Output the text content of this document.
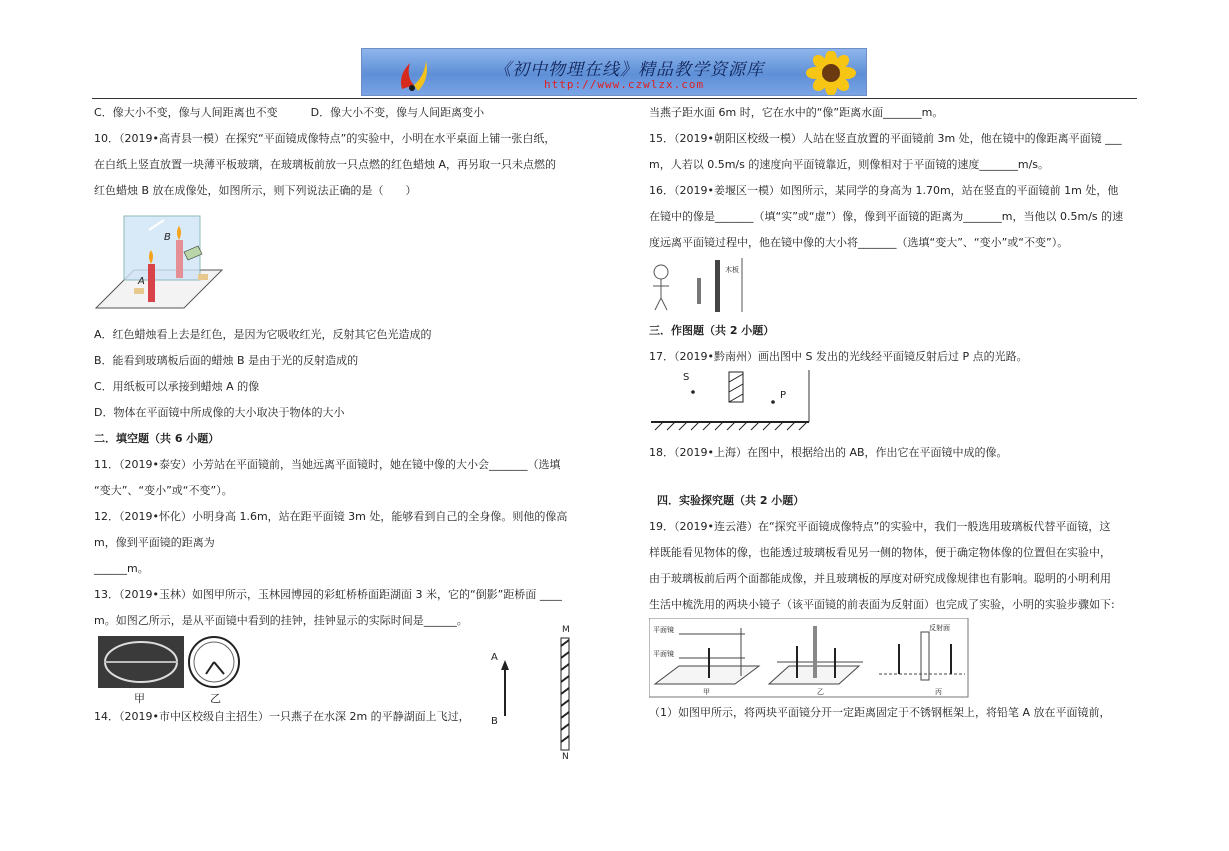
《初中物理在线》精品教学资源库
http://www.czwlzx.com
C．像大小不变，像与人间距离也不变　　　D．像大小不变，像与人间距离变小
10．（2019•高青县一模）在探究“平面镜成像特点”的实验中，小明在水平桌面上铺一张白纸，
在白纸上竖直放置一块薄平板玻璃，在玻璃板前放一只点燃的红色蜡烛 A，再另取一只未点燃的
红色蜡烛 B 放在成像处，如图所示，则下列说法正确的是（　　）
A
B
A．红色蜡烛看上去是红色，是因为它吸收红光，反射其它色光造成的
B．能看到玻璃板后面的蜡烛 B 是由于光的反射造成的
C．用纸板可以承接到蜡烛 A 的像
D．物体在平面镜中所成像的大小取决于物体的大小
二．填空题（共 6 小题）
11．（2019•泰安）小芳站在平面镜前，当她远离平面镜时，她在镜中像的大小会_______（选填
“变大”、“变小”或“不变”）。
12．（2019•怀化）小明身高 1.6m，站在距平面镜 3m 处，能够看到自己的全身像。则他的像高
m，像到平面镜的距离为
______m。
13．（2019•玉林）如图甲所示，玉林园博园的彩虹桥桥面距湖面 3 米，它的“倒影”距桥面 ____
m。如图乙所示，是从平面镜中看到的挂钟，挂钟显示的实际时间是______。
甲	乙
14．（2019•市中区校级自主招生）一只燕子在水深 2m 的平静湖面上飞过，
A
B
M
N
当燕子距水面 6m 时，它在水中的“像”距离水面_______m。
15．（2019•朝阳区校级一模）人站在竖直放置的平面镜前 3m 处，他在镜中的像距离平面镜 ___
m，人若以 0.5m/s 的速度向平面镜靠近，则像相对于平面镜的速度_______m/s。
16．（2019•姜堰区一模）如图所示，某同学的身高为 1.70m，站在竖直的平面镜前 1m 处，他
在镜中的像是_______（填“实”或“虚”）像，像到平面镜的距离为_______m，当他以 0.5m/s 的速
度远离平面镜过程中，他在镜中像的大小将_______（选填“变大”、“变小”或“不变”）。
木板
三．作图题（共 2 小题）
17．（2019•黔南州）画出图中 S 发出的光线经平面镜反射后过 P 点的光路。
S
P
18．（2019•上海）在图中，根据给出的 AB，作出它在平面镜中成的像。
四．实验探究题（共 2 小题）
19．（2019•连云港）在“探究平面镜成像特点”的实验中，我们一般选用玻璃板代替平面镜，这
样既能看见物体的像，也能透过玻璃板看见另一侧的物体，便于确定物体像的位置但在实验中，
由于玻璃板前后两个面都能成像，并且玻璃板的厚度对研究成像规律也有影响。聪明的小明利用
生活中梳洗用的两块小镜子（该平面镜的前表面为反射面）也完成了实验，小明的实验步骤如下:
平面镜
平面镜
甲	乙
反射面
丙
（1）如图甲所示，将两块平面镜分开一定距离固定于不锈钢框架上，将铅笔 A 放在平面镜前，
